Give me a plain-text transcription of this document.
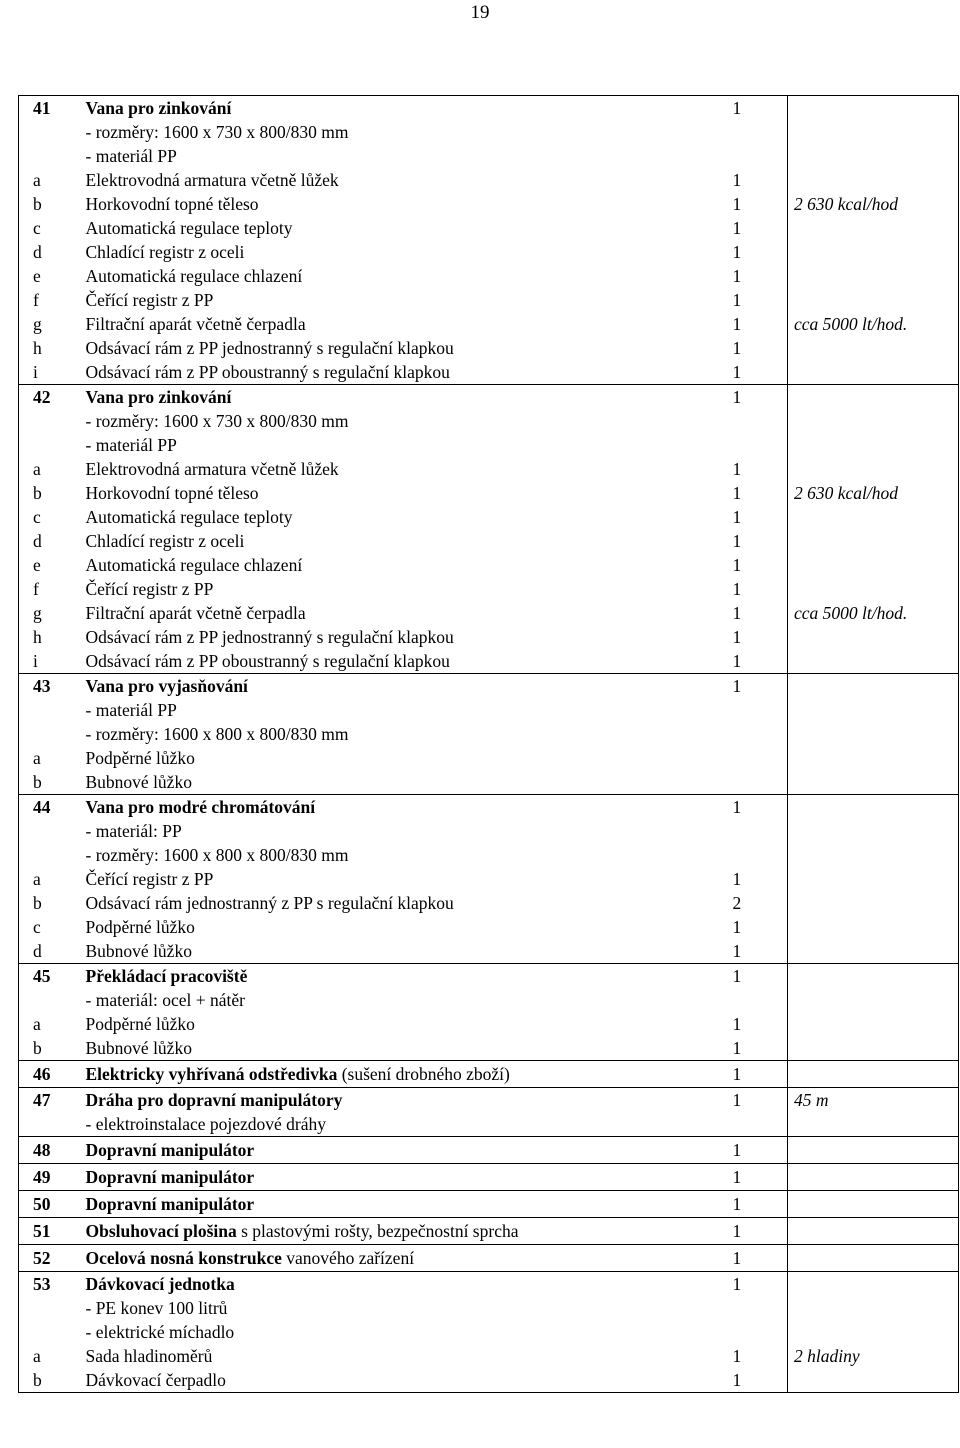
19
41	Vana pro zinkování	1	
	- rozměry: 1600 x 730 x 800/830 mm		
	- materiál PP		
a	Elektrovodná armatura včetně lůžek	1	
b	Horkovodní topné těleso	1	2 630 kcal/hod
c	Automatická regulace teploty	1	
d	Chladící registr z oceli	1	
e	Automatická regulace chlazení	1	
f	Čeřící registr z PP	1	
g	Filtrační aparát včetně čerpadla	1	cca 5000 lt/hod.
h	Odsávací rám z PP jednostranný s regulační klapkou	1	
i	Odsávací rám z PP oboustranný s regulační klapkou	1	
42	Vana pro zinkování	1	
	- rozměry: 1600 x 730 x 800/830 mm		
	- materiál PP		
a	Elektrovodná armatura včetně lůžek	1	
b	Horkovodní topné těleso	1	2 630 kcal/hod
c	Automatická regulace teploty	1	
d	Chladící registr z oceli	1	
e	Automatická regulace chlazení	1	
f	Čeřící registr z PP	1	
g	Filtrační aparát včetně čerpadla	1	cca 5000 lt/hod.
h	Odsávací rám z PP jednostranný s regulační klapkou	1	
i	Odsávací rám z PP oboustranný s regulační klapkou	1	
43	Vana pro vyjasňování	1	
	- materiál PP		
	- rozměry: 1600 x 800 x 800/830 mm		
a	Podpěrné lůžko		
b	Bubnové lůžko		
44	Vana pro modré chromátování	1	
	- materiál: PP		
	- rozměry: 1600 x 800 x 800/830 mm		
a	Čeřící registr z PP	1	
b	Odsávací rám jednostranný z PP s regulační klapkou	2	
c	Podpěrné lůžko	1	
d	Bubnové lůžko	1	
45	Překládací pracoviště	1	
	- materiál: ocel + nátěr		
a	Podpěrné lůžko	1	
b	Bubnové lůžko	1	
46	Elektricky vyhřívaná odstředivka (sušení drobného zboží)	1	
47	Dráha pro dopravní manipulátory	1	45 m
	- elektroinstalace pojezdové dráhy		
48	Dopravní manipulátor	1	
49	Dopravní manipulátor	1	
50	Dopravní manipulátor	1	
51	Obsluhovací plošina s plastovými rošty, bezpečnostní sprcha	1	
52	Ocelová nosná konstrukce vanového zařízení	1	
53	Dávkovací jednotka	1	
	- PE konev 100 litrů		
	- elektrické míchadlo		
a	Sada hladinoměrů	1	2 hladiny
b	Dávkovací čerpadlo	1	
